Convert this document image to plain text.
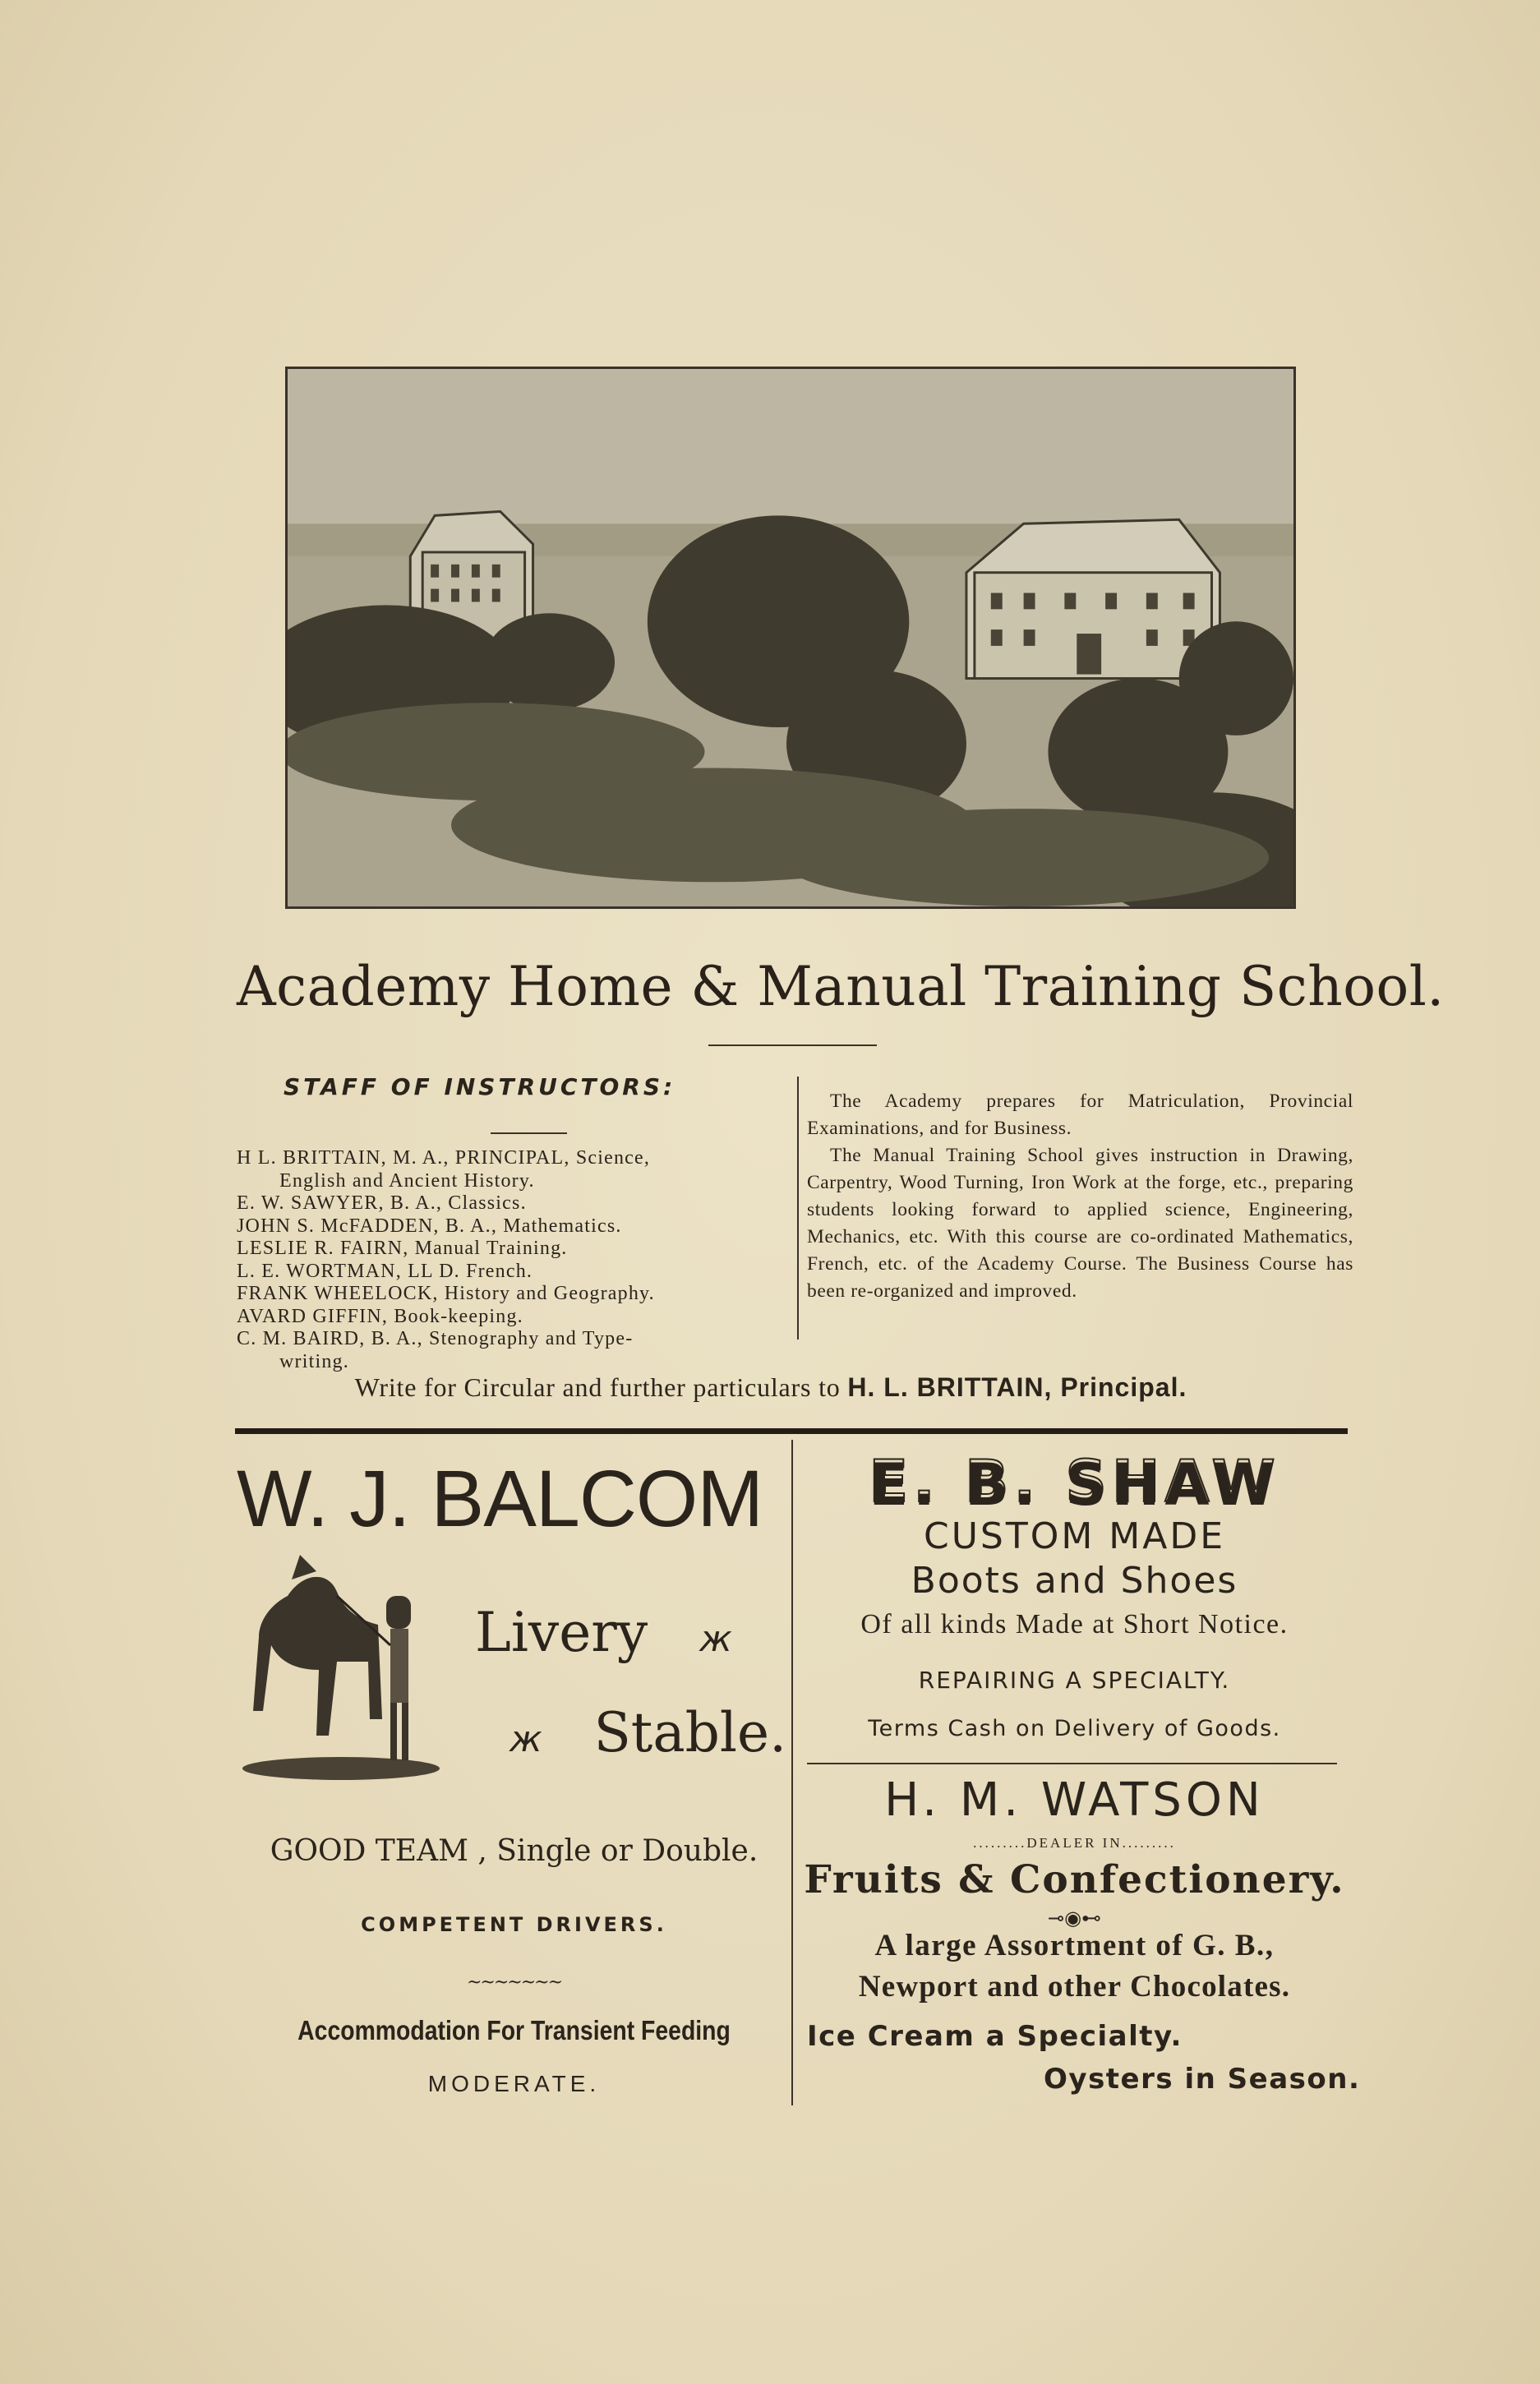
Academy Home & Manual Training School.
STAFF OF INSTRUCTORS:
H L. BRITTAIN, M. A., PRINCIPAL, Science,
English and Ancient History.
E. W. SAWYER, B. A., Classics.
JOHN S. McFADDEN, B. A., Mathematics.
LESLIE R. FAIRN, Manual Training.
L. E. WORTMAN, LL D. French.
FRANK WHEELOCK, History and Geography.
AVARD GIFFIN, Book-keeping.
C. M. BAIRD, B. A., Stenography and Type-
writing.

The Academy prepares for Matriculation, Provincial Examinations, and for Business.

The Manual Training School gives instruction in Drawing, Carpentry, Wood Turning, Iron Work at the forge, etc., preparing students looking forward to applied science, Engineering, Mechanics, etc. With this course are co-ordinated Mathematics, French, etc. of the Academy Course. The Business Course has been re-organized and improved.

Write for Circular and further particulars to H. L. BRITTAIN, Principal.
W. J. BALCOM
Livery ж
ж Stable.
GOOD TEAM , Single or Double.
COMPETENT DRIVERS.
~~~~~~~
Accommodation For Transient Feeding
MODERATE.
E. B. SHAW
CUSTOM MADE
Boots and Shoes
Of all kinds Made at Short Notice.
REPAIRING A SPECIALTY.
Terms Cash on Delivery of Goods.
H. M. WATSON
.........DEALER IN.........
Fruits & Confectionery.
⊸◉⊷
A large Assortment of G. B.,
Newport and other Chocolates.
Ice Cream a Specialty.
Oysters in Season.
